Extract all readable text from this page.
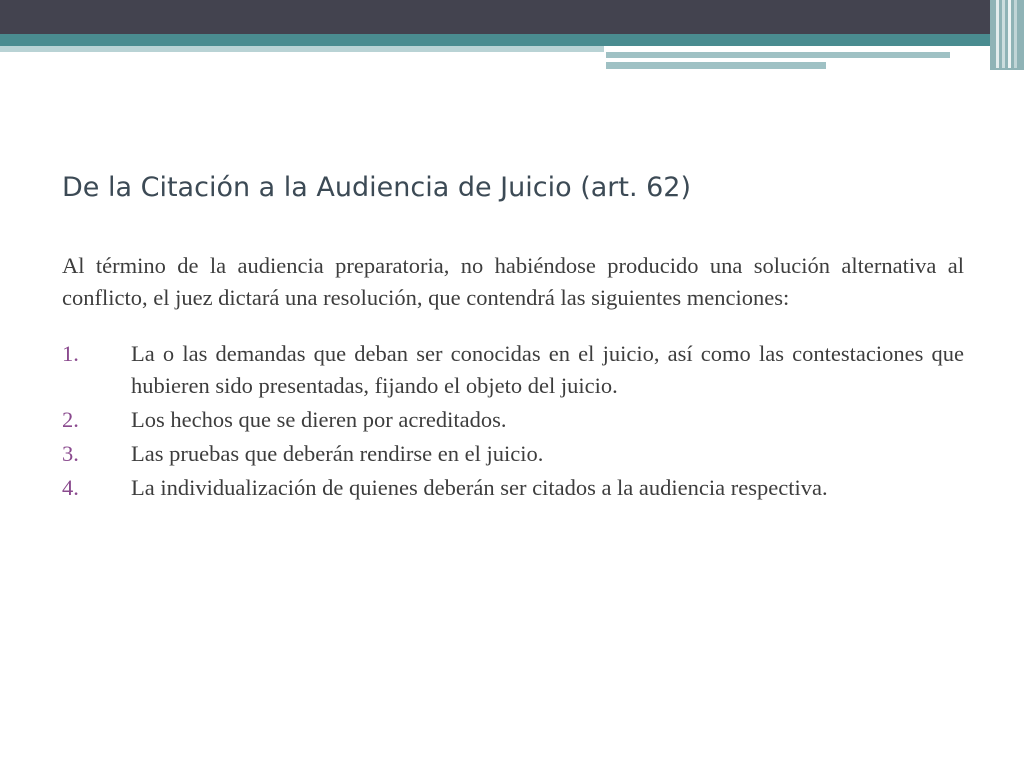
De la Citación a la Audiencia de Juicio (art. 62)

Al término de la audiencia preparatoria, no habiéndose producido una solución alternativa al conflicto, el juez dictará una resolución, que contendrá las siguientes menciones:

1.	La o las demandas que deban ser conocidas en el juicio, así como las contestaciones que hubieren sido presentadas, fijando el objeto del juicio.
2.	Los hechos que se dieren por acreditados.
3.	Las pruebas que deberán rendirse en el juicio.
4.	La individualización de quienes deberán ser citados a la audiencia respectiva.
